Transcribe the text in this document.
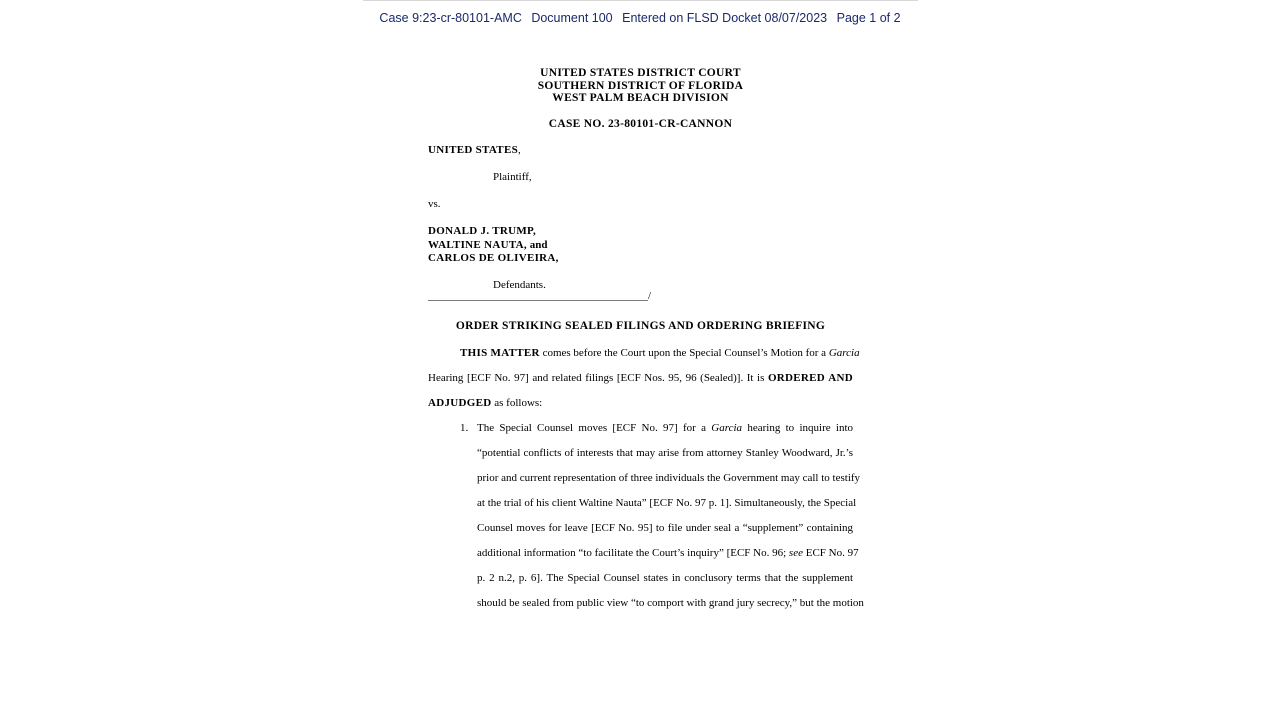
Case 9:23-cr-80101-AMC Document 100 Entered on FLSD Docket 08/07/2023 Page 1 of 2
UNITED STATES DISTRICT COURT
SOUTHERN DISTRICT OF FLORIDA
WEST PALM BEACH DIVISION
CASE NO. 23-80101-CR-CANNON
UNITED STATES,
Plaintiff,
vs.
DONALD J. TRUMP,
WALTINE NAUTA, and
CARLOS DE OLIVEIRA,
Defendants.
________________________________________/
ORDER STRIKING SEALED FILINGS AND ORDERING BRIEFING
THIS MATTER comes before the Court upon the Special Counsel’s Motion for a Garcia
Hearing [ECF No. 97] and related filings [ECF Nos. 95, 96 (Sealed)]. It is ORDERED AND
ADJUDGED as follows:
1. The Special Counsel moves [ECF No. 97] for a Garcia hearing to inquire into
“potential conflicts of interests that may arise from attorney Stanley Woodward, Jr.’s
prior and current representation of three individuals the Government may call to testify
at the trial of his client Waltine Nauta” [ECF No. 97 p. 1]. Simultaneously, the Special
Counsel moves for leave [ECF No. 95] to file under seal a “supplement” containing
additional information “to facilitate the Court’s inquiry” [ECF No. 96; see ECF No. 97
p. 2 n.2, p. 6]. The Special Counsel states in conclusory terms that the supplement
should be sealed from public view “to comport with grand jury secrecy,” but the motion
